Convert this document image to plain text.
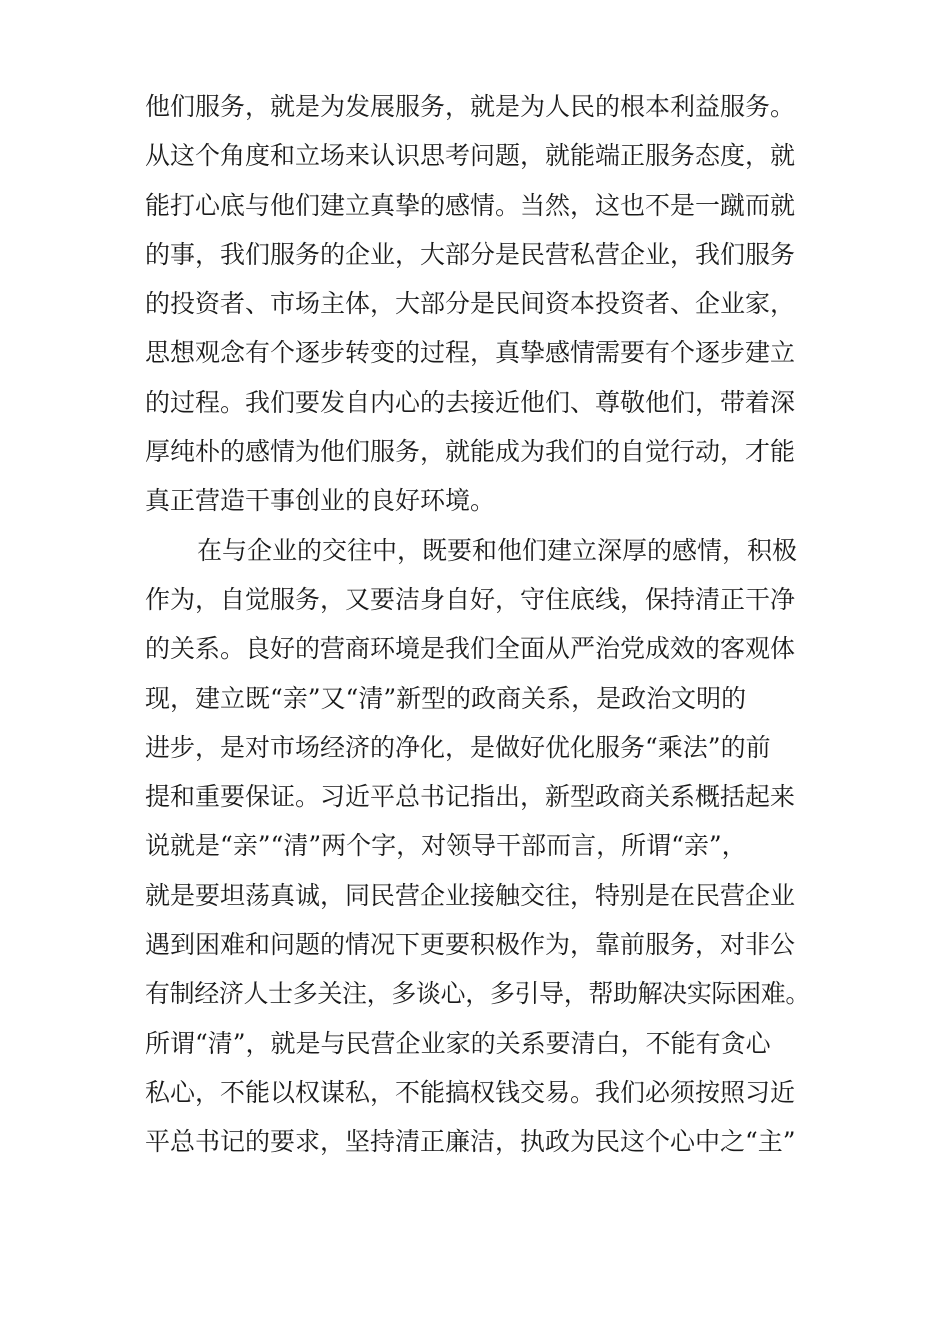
他们服务，就是为发展服务，就是为人民的根本利益服务。
从这个角度和立场来认识思考问题，就能端正服务态度，就
能打心底与他们建立真挚的感情。当然，这也不是一蹴而就
的事，我们服务的企业，大部分是民营私营企业，我们服务
的投资者、市场主体，大部分是民间资本投资者、企业家，
思想观念有个逐步转变的过程，真挚感情需要有个逐步建立
的过程。我们要发自内心的去接近他们、尊敬他们，带着深
厚纯朴的感情为他们服务，就能成为我们的自觉行动，才能
真正营造干事创业的良好环境。
在与企业的交往中，既要和他们建立深厚的感情，积极
作为，自觉服务，又要洁身自好，守住底线，保持清正干净
的关系。良好的营商环境是我们全面从严治党成效的客观体
现，建立既“亲”又“清”新型的政商关系，是政治文明的
进步，是对市场经济的净化，是做好优化服务“乘法”的前
提和重要保证。习近平总书记指出，新型政商关系概括起来
说就是“亲”“清”两个字，对领导干部而言，所谓“亲”，
就是要坦荡真诚，同民营企业接触交往，特别是在民营企业
遇到困难和问题的情况下更要积极作为，靠前服务，对非公
有制经济人士多关注，多谈心，多引导，帮助解决实际困难。
所谓“清”，就是与民营企业家的关系要清白，不能有贪心
私心，不能以权谋私，不能搞权钱交易。我们必须按照习近
平总书记的要求，坚持清正廉洁，执政为民这个心中之“主”
